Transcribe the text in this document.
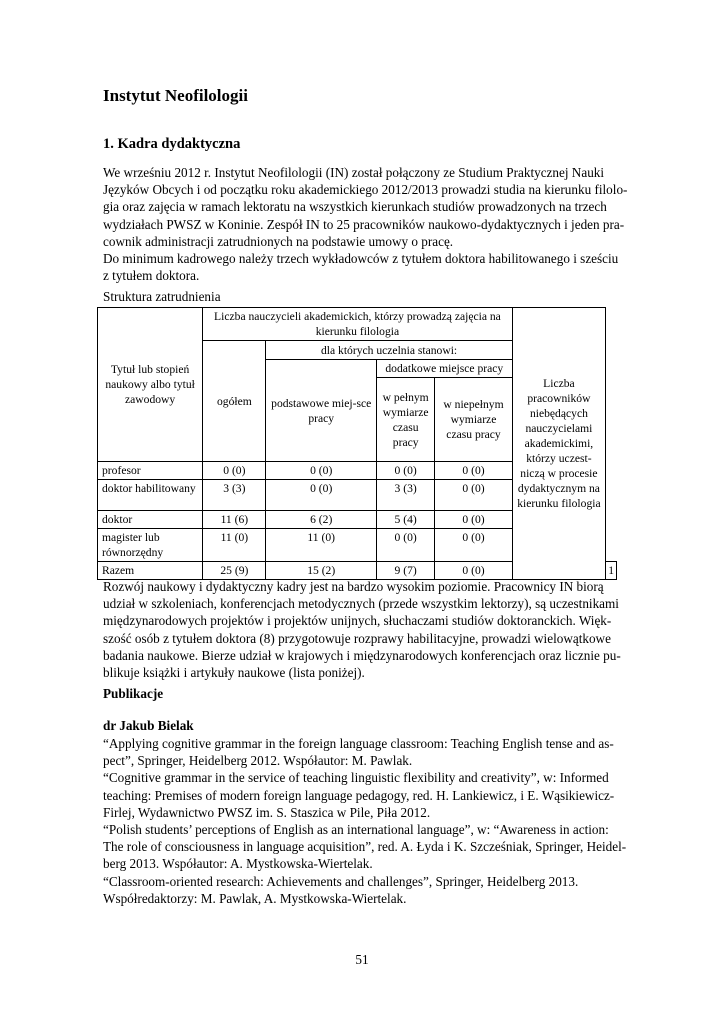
Instytut Neofilologii
1. Kadra dydaktyczna
We wrześniu 2012 r. Instytut Neofilologii (IN) został połączony ze Studium Praktycznej Nauki
Języków Obcych i od początku roku akademickiego 2012/2013 prowadzi studia na kierunku filolo-
gia oraz zajęcia w ramach lektoratu na wszystkich kierunkach studiów prowadzonych na trzech
wydziałach PWSZ w Koninie. Zespół IN to 25 pracowników naukowo-dydaktycznych i jeden pra-
cownik administracji zatrudnionych na podstawie umowy o pracę.
Do minimum kadrowego należy trzech wykładowców z tytułem doktora habilitowanego i sześciu
z tytułem doktora.
Struktura zatrudnienia
Tytuł lub stopień naukowy albo tytuł zawodowy	Liczba nauczycieli akademickich, którzy prowadzą zajęcia na kierunku filologia				Liczba pracowników niebędących nauczycielami akademickimi, którzy uczest-niczą w procesie dydaktycznym na kierunku filologia	
	ogółem	dla których uczelnia stanowi:				
		podstawowe miej-sce pracy	dodatkowe miejsce pracy			
			w pełnym wymiarze czasu pracy	w niepełnym wymiarze czasu pracy		
profesor	0 (0)	0 (0)	0 (0)	0 (0)		
doktor habilitowany	3 (3)	0 (0)	3 (3)	0 (0)		
doktor	11 (6)	6 (2)	5 (4)	0 (0)		
magister lub równorzędny	11 (0)	11 (0)	0 (0)	0 (0)		
Razem	25 (9)	15 (2)	9 (7)	0 (0)		1
Rozwój naukowy i dydaktyczny kadry jest na bardzo wysokim poziomie. Pracownicy IN biorą
udział w szkoleniach, konferencjach metodycznych (przede wszystkim lektorzy), są uczestnikami
międzynarodowych projektów i projektów unijnych, słuchaczami studiów doktoranckich. Więk-
szość osób z tytułem doktora (8) przygotowuje rozprawy habilitacyjne, prowadzi wielowątkowe
badania naukowe. Bierze udział w krajowych i międzynarodowych konferencjach oraz licznie pu-
blikuje książki i artykuły naukowe (lista poniżej).
Publikacje
dr Jakub Bielak
“Applying cognitive grammar in the foreign language classroom: Teaching English tense and as-
pect”, Springer, Heidelberg 2012. Współautor: M. Pawlak.
“Cognitive grammar in the service of teaching linguistic flexibility and creativity”, w: Informed
teaching: Premises of modern foreign language pedagogy, red. H. Lankiewicz, i E. Wąsikiewicz-
Firlej, Wydawnictwo PWSZ im. S. Staszica w Pile, Piła 2012.
“Polish students’ perceptions of English as an international language”, w: “Awareness in action:
The role of consciousness in language acquisition”, red. A. Łyda i K. Szcześniak, Springer, Heidel-
berg 2013. Współautor: A. Mystkowska-Wiertelak.
“Classroom-oriented research: Achievements and challenges”, Springer, Heidelberg 2013.
Współredaktorzy: M. Pawlak, A. Mystkowska-Wiertelak.
51
